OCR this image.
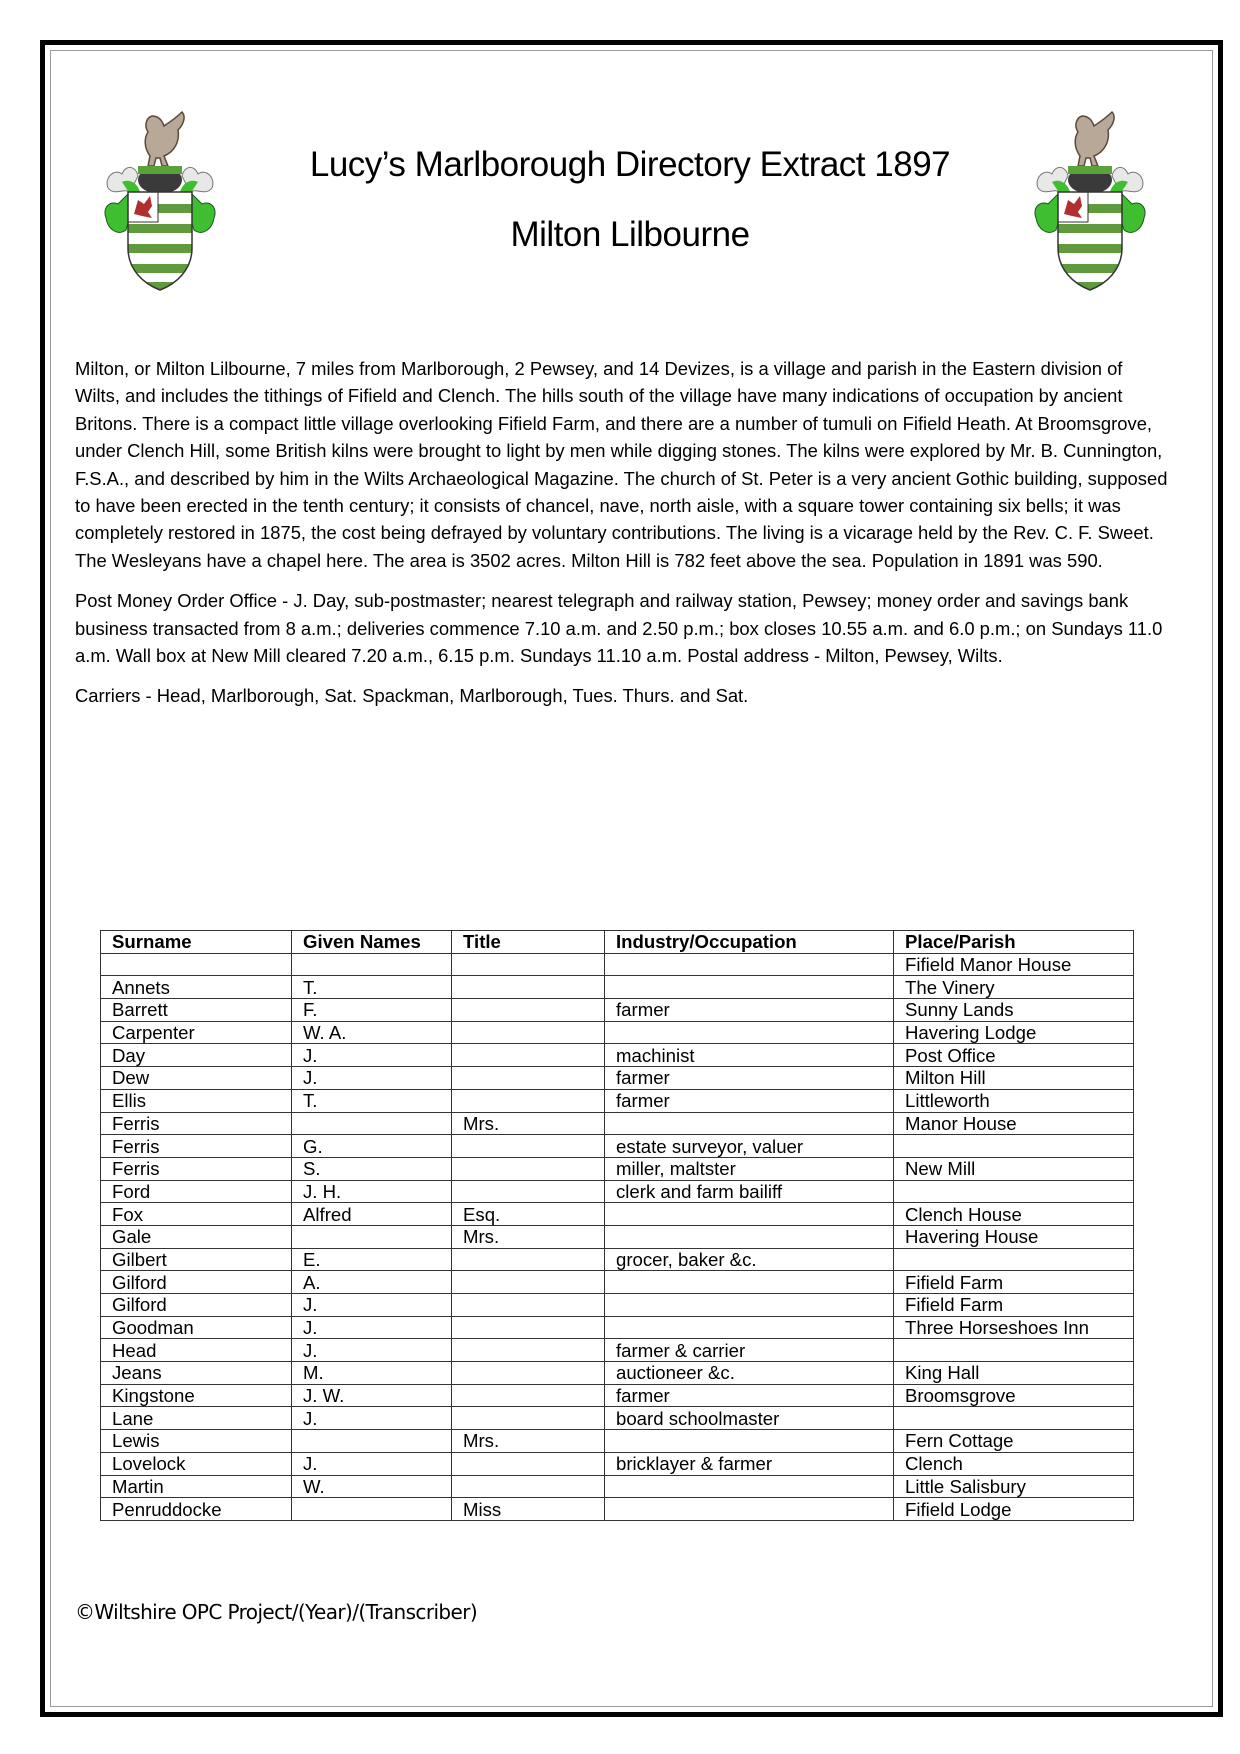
Lucy’s Marlborough Directory Extract 1897
Milton Lilbourne

Milton, or Milton Lilbourne, 7 miles from Marlborough, 2 Pewsey, and 14 Devizes, is a village and parish in the Eastern division of Wilts, and includes the tithings of Fifield and Clench. The hills south of the village have many indications of occupation by ancient Britons. There is a compact little village overlooking Fifield Farm, and there are a number of tumuli on Fifield Heath. At Broomsgrove, under Clench Hill, some British kilns were brought to light by men while digging stones. The kilns were explored by Mr. B. Cunnington, F.S.A., and described by him in the Wilts Archaeological Magazine. The church of St. Peter is a very ancient Gothic building, supposed to have been erected in the tenth century; it consists of chancel, nave, north aisle, with a square tower containing six bells; it was completely restored in 1875, the cost being defrayed by voluntary contributions. The living is a vicarage held by the Rev. C. F. Sweet. The Wesleyans have a chapel here. The area is 3502 acres. Milton Hill is 782 feet above the sea. Population in 1891 was 590.

Post Money Order Office - J. Day, sub-postmaster; nearest telegraph and railway station, Pewsey; money order and savings bank business transacted from 8 a.m.; deliveries commence 7.10 a.m. and 2.50 p.m.; box closes 10.55 a.m. and 6.0 p.m.; on Sundays 11.0 a.m. Wall box at New Mill cleared 7.20 a.m., 6.15 p.m. Sundays 11.10 a.m. Postal address - Milton, Pewsey, Wilts.

Carriers - Head, Marlborough, Sat. Spackman, Marlborough, Tues. Thurs. and Sat.

Surname	Given Names	Title	Industry/Occupation	Place/Parish
				Fifield Manor House
Annets	T.			The Vinery
Barrett	F.		farmer	Sunny Lands
Carpenter	W. A.			Havering Lodge
Day	J.		machinist	Post Office
Dew	J.		farmer	Milton Hill
Ellis	T.		farmer	Littleworth
Ferris		Mrs.		Manor House
Ferris	G.		estate surveyor, valuer	
Ferris	S.		miller, maltster	New Mill
Ford	J. H.		clerk and farm bailiff	
Fox	Alfred	Esq.		Clench House
Gale		Mrs.		Havering House
Gilbert	E.		grocer, baker &c.	
Gilford	A.			Fifield Farm
Gilford	J.			Fifield Farm
Goodman	J.			Three Horseshoes Inn
Head	J.		farmer & carrier	
Jeans	M.		auctioneer &c.	King Hall
Kingstone	J. W.		farmer	Broomsgrove
Lane	J.		board schoolmaster	
Lewis		Mrs.		Fern Cottage
Lovelock	J.		bricklayer & farmer	Clench
Martin	W.			Little Salisbury
Penruddocke		Miss		Fifield Lodge
©Wiltshire OPC Project/(Year)/(Transcriber)
